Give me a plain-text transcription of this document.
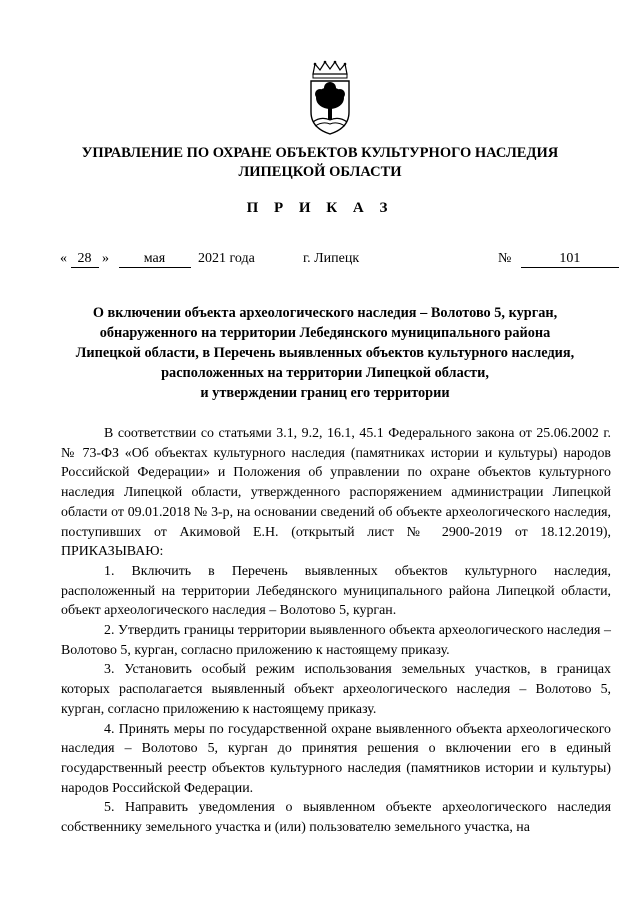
УПРАВЛЕНИЕ ПО ОХРАНЕ ОБЪЕКТОВ КУЛЬТУРНОГО НАСЛЕДИЯ
ЛИПЕЦКОЙ ОБЛАСТИ
П Р И К А З
« 28 » мая 2021 года	г. Липецк	№	101
О включении объекта археологического наследия – Волотово 5, курган,
обнаруженного на территории Лебедянского муниципального района
Липецкой области, в Перечень выявленных объектов культурного наследия,
расположенных на территории Липецкой области,
и утверждении границ его территории

В соответствии со статьями 3.1, 9.2, 16.1, 45.1 Федерального закона от 25.06.2002 г. № 73-ФЗ «Об объектах культурного наследия (памятниках истории и культуры) народов Российской Федерации» и Положения об управлении по охране объектов культурного наследия Липецкой области, утвержденного распоряжением администрации Липецкой области от 09.01.2018 № 3-р, на основании сведений об объекте археологического наследия, поступивших от Акимовой Е.Н. (открытый лист № 2900-2019 от 18.12.2019), ПРИКАЗЫВАЮ:

1. Включить в Перечень выявленных объектов культурного наследия, расположенный на территории Лебедянского муниципального района Липецкой области, объект археологического наследия – Волотово 5, курган.

2. Утвердить границы территории выявленного объекта археологического наследия – Волотово 5, курган, согласно приложению к настоящему приказу.

3. Установить особый режим использования земельных участков, в границах которых располагается выявленный объект археологического наследия – Волотово 5, курган, согласно приложению к настоящему приказу.

4. Принять меры по государственной охране выявленного объекта археологического наследия – Волотово 5, курган до принятия решения о включении его в единый государственный реестр объектов культурного наследия (памятников истории и культуры) народов Российской Федерации.

5. Направить уведомления о выявленном объекте археологического наследия собственнику земельного участка и (или) пользователю земельного участка, на
